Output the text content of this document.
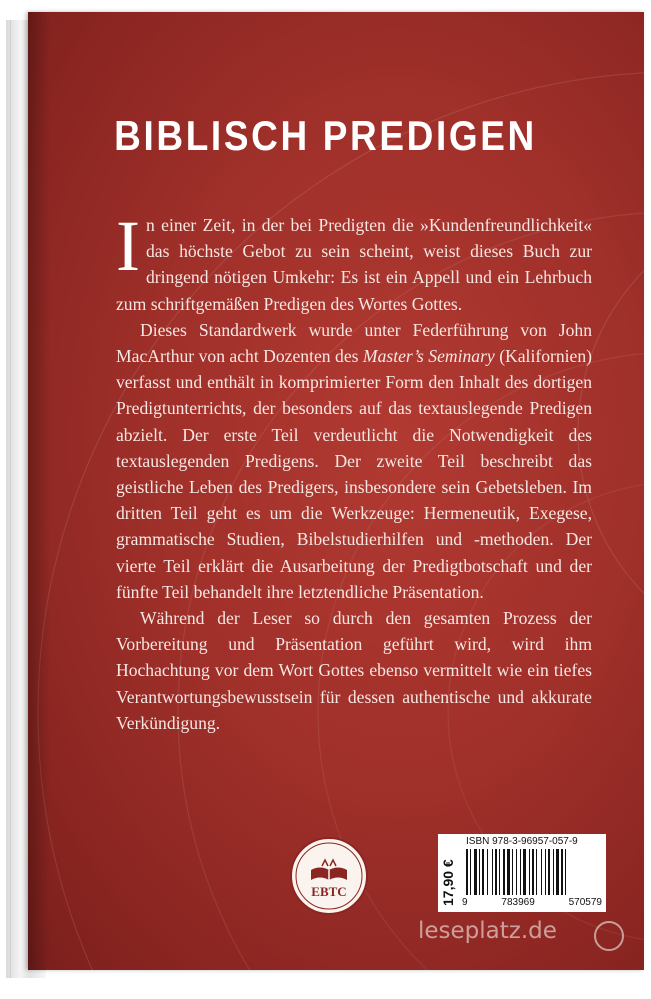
BIBLISCH PREDIGEN

In einer Zeit, in der bei Predigten die »Kundenfreundlichkeit« das höchste Gebot zu sein scheint, weist dieses Buch zur dringend nötigen Umkehr: Es ist ein Appell und ein Lehrbuch zum schriftgemäßen Predigen des Wortes Gottes.

Dieses Standardwerk wurde unter Federführung von John MacArthur von acht Dozenten des Master’s Seminary (Kalifornien) verfasst und enthält in komprimierter Form den Inhalt des dortigen Predigtunterrichts, der besonders auf das textauslegende Predigen abzielt. Der erste Teil verdeutlicht die Notwendigkeit des textauslegenden Predigens. Der zweite Teil beschreibt das geistliche Leben des Predigers, insbesondere sein Gebetsleben. Im dritten Teil geht es um die Werkzeuge: Hermeneutik, Exegese, grammatische Studien, Bibelstudierhilfen und -methoden. Der vierte Teil erklärt die Ausarbeitung der Predigtbotschaft und der fünfte Teil behandelt ihre letztendliche Präsentation.

Während der Leser so durch den gesamten Prozess der Vorbereitung und Präsentation geführt wird, wird ihm Hochachtung vor dem Wort Gottes ebenso vermittelt wie ein tiefes Verantwortungsbewusstsein für dessen authentische und akkurate Verkündigung.

EBTC	17,90 €
ISBN 978-3-96957-057-9
9	783969	570579
leseplatz.de
